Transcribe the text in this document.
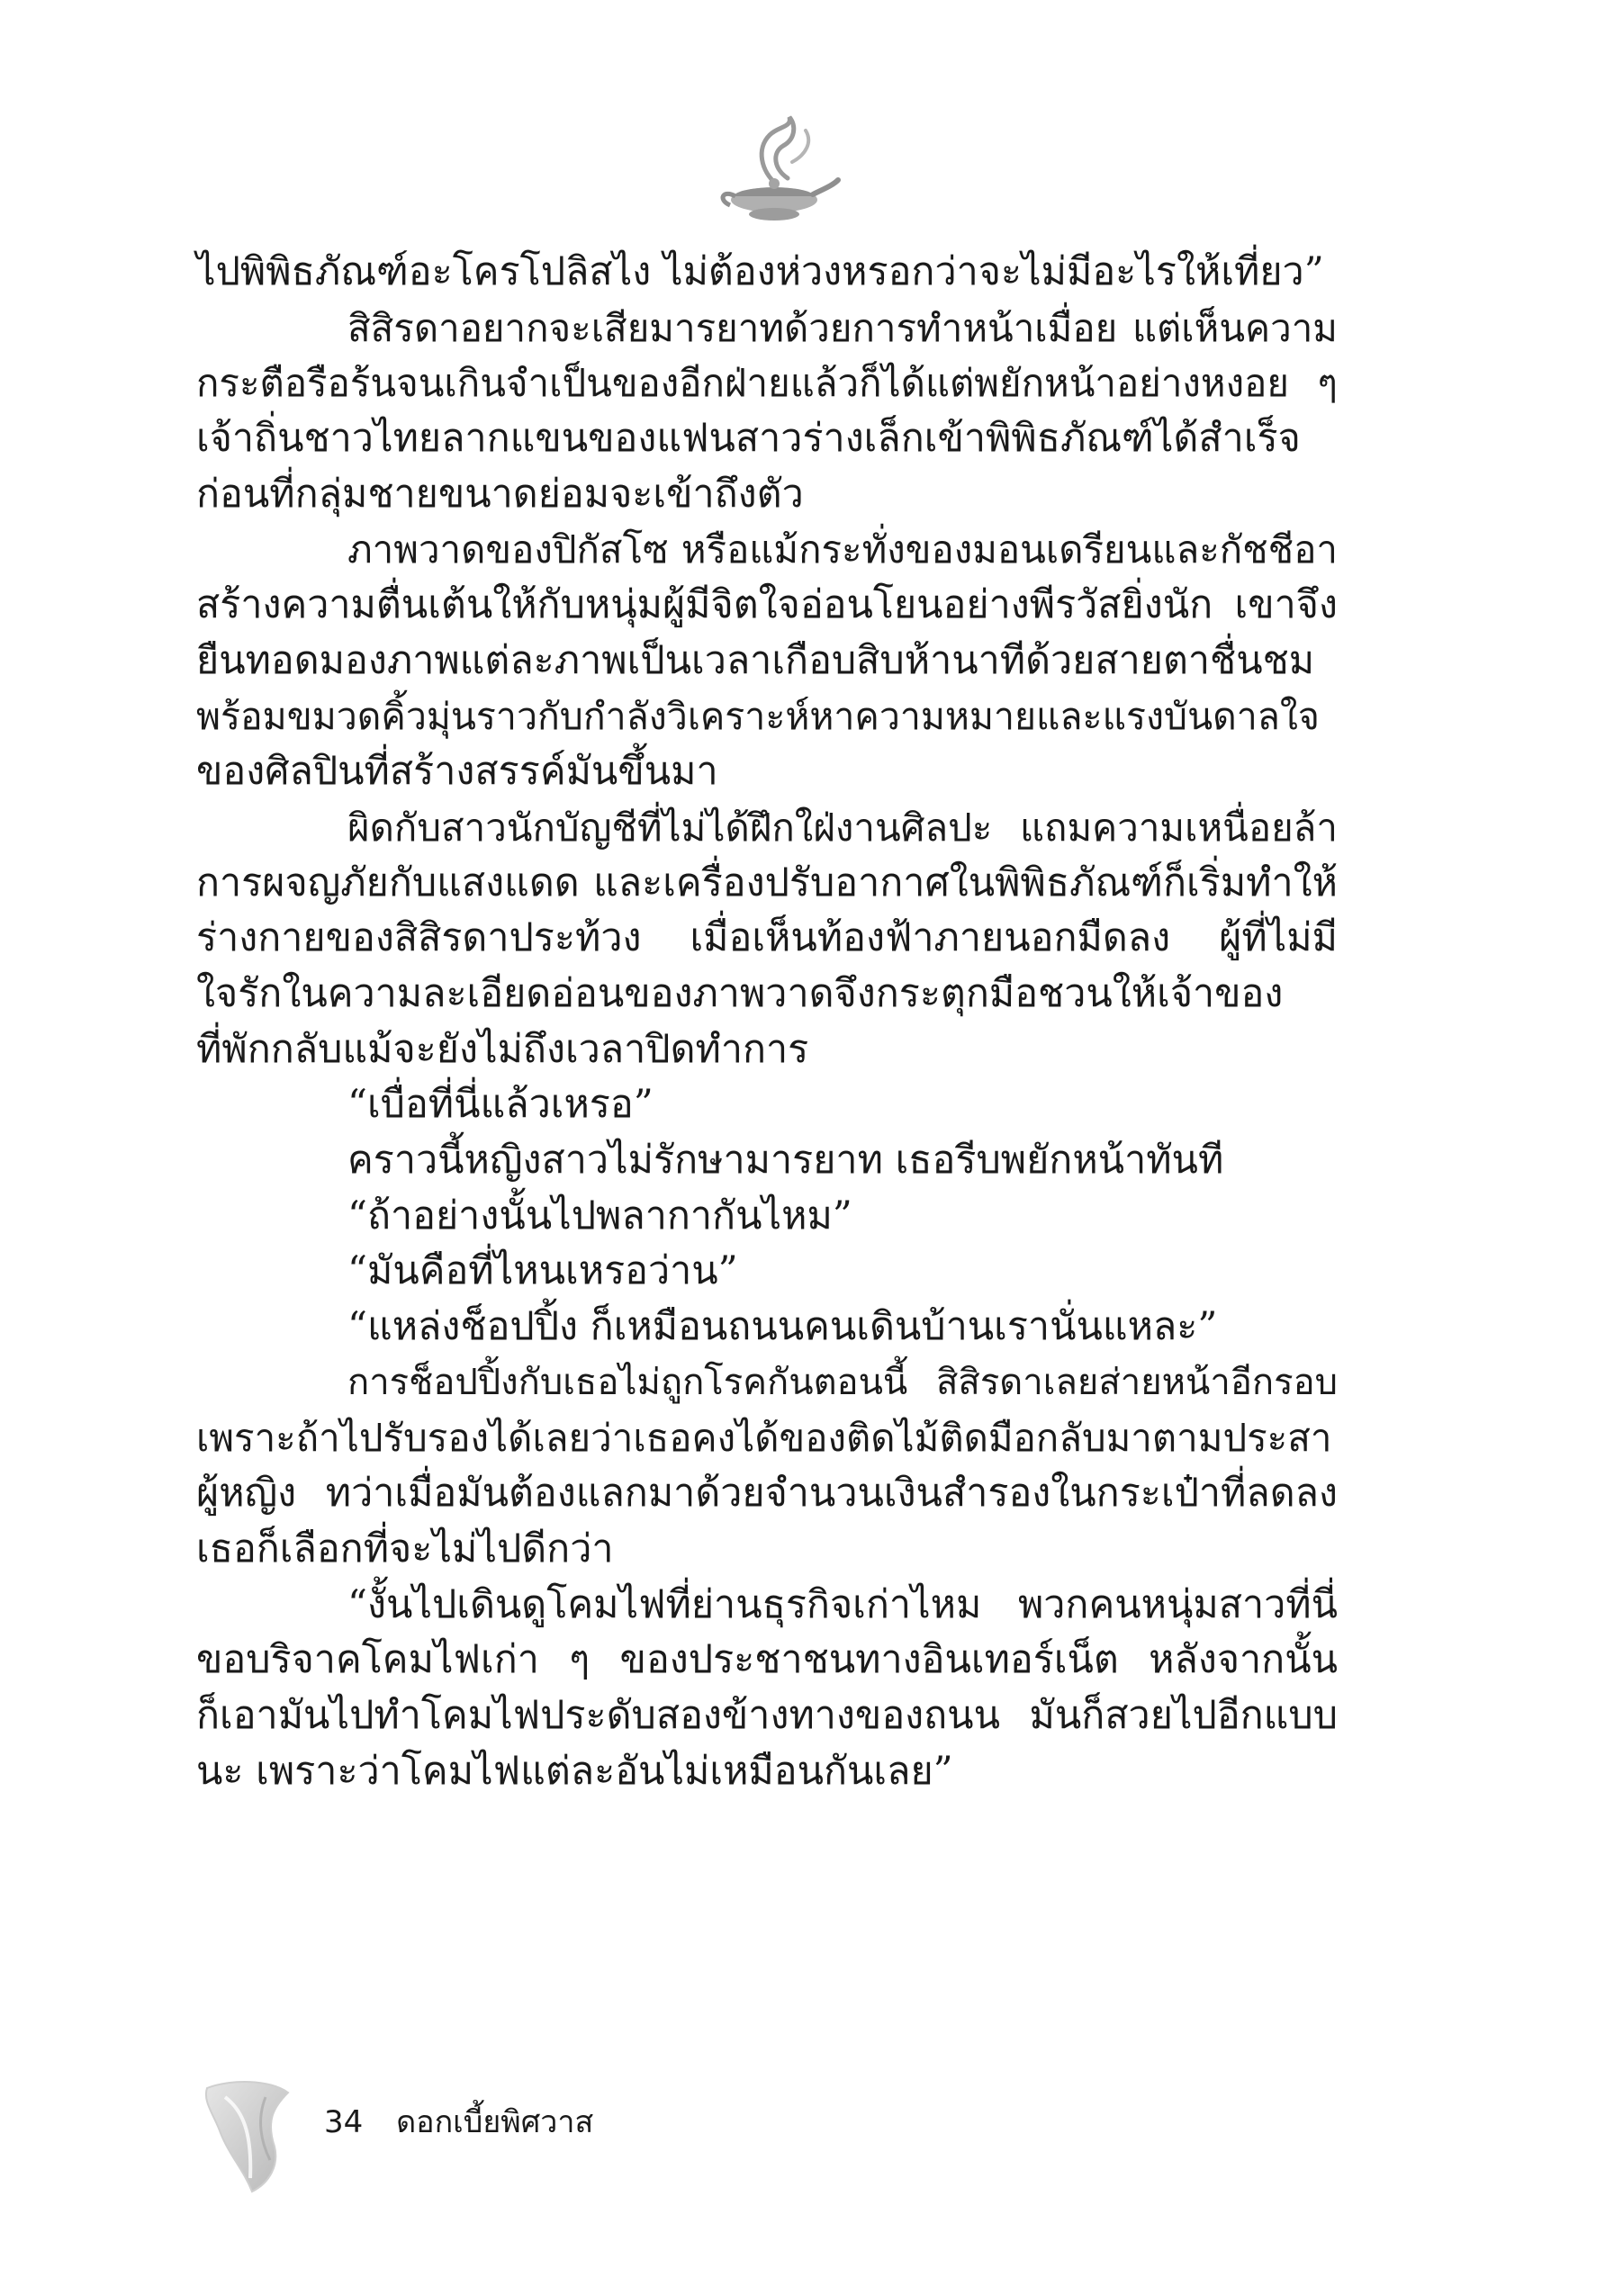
ไปพิพิธภัณฑ์อะโครโปลิสไง ไม่ต้องห่วงหรอกว่าจะไม่มีอะไรให้เที่ยว”
สิสิรดาอยากจะเสียมารยาทด้วยการทำหน้าเมื่อย แต่เห็นความ
กระตือรือร้นจนเกินจำเป็นของอีกฝ่ายแล้วก็ได้แต่พยักหน้าอย่างหงอย ๆ
เจ้าถิ่นชาวไทยลากแขนของแฟนสาวร่างเล็กเข้าพิพิธภัณฑ์ได้สำเร็จ
ก่อนที่กลุ่มชายขนาดย่อมจะเข้าถึงตัว
ภาพวาดของปิกัสโซ หรือแม้กระทั่งของมอนเดรียนและกัชชีอา
สร้างความตื่นเต้นให้กับหนุ่มผู้มีจิตใจอ่อนโยนอย่างพีรวัสยิ่งนัก เขาจึง
ยืนทอดมองภาพแต่ละภาพเป็นเวลาเกือบสิบห้านาทีด้วยสายตาชื่นชม
พร้อมขมวดคิ้วมุ่นราวกับกำลังวิเคราะห์หาความหมายและแรงบันดาลใจ
ของศิลปินที่สร้างสรรค์มันขึ้นมา
ผิดกับสาวนักบัญชีที่ไม่ได้ฝึกใฝ่งานศิลปะ แถมความเหนื่อยล้า
การผจญภัยกับแสงแดด และเครื่องปรับอากาศในพิพิธภัณฑ์ก็เริ่มทำให้
ร่างกายของสิสิรดาประท้วง เมื่อเห็นท้องฟ้าภายนอกมืดลง ผู้ที่ไม่มี
ใจรักในความละเอียดอ่อนของภาพวาดจึงกระตุกมือชวนให้เจ้าของ
ที่พักกลับแม้จะยังไม่ถึงเวลาปิดทำการ
“เบื่อที่นี่แล้วเหรอ”
คราวนี้หญิงสาวไม่รักษามารยาท เธอรีบพยักหน้าทันที
“ถ้าอย่างนั้นไปพลากากันไหม”
“มันคือที่ไหนเหรอว่าน”
“แหล่งช็อปปิ้ง ก็เหมือนถนนคนเดินบ้านเรานั่นแหละ”
การช็อปปิ้งกับเธอไม่ถูกโรคกันตอนนี้ สิสิรดาเลยส่ายหน้าอีกรอบ
เพราะถ้าไปรับรองได้เลยว่าเธอคงได้ของติดไม้ติดมือกลับมาตามประสา
ผู้หญิง ทว่าเมื่อมันต้องแลกมาด้วยจำนวนเงินสำรองในกระเป๋าที่ลดลง
เธอก็เลือกที่จะไม่ไปดีกว่า
“งั้นไปเดินดูโคมไฟที่ย่านธุรกิจเก่าไหม พวกคนหนุ่มสาวที่นี่
ขอบริจาคโคมไฟเก่า ๆ ของประชาชนทางอินเทอร์เน็ต หลังจากนั้น
ก็เอามันไปทำโคมไฟประดับสองข้างทางของถนน มันก็สวยไปอีกแบบ
นะ เพราะว่าโคมไฟแต่ละอันไม่เหมือนกันเลย”
34 ดอกเบี้ยพิศวาส
